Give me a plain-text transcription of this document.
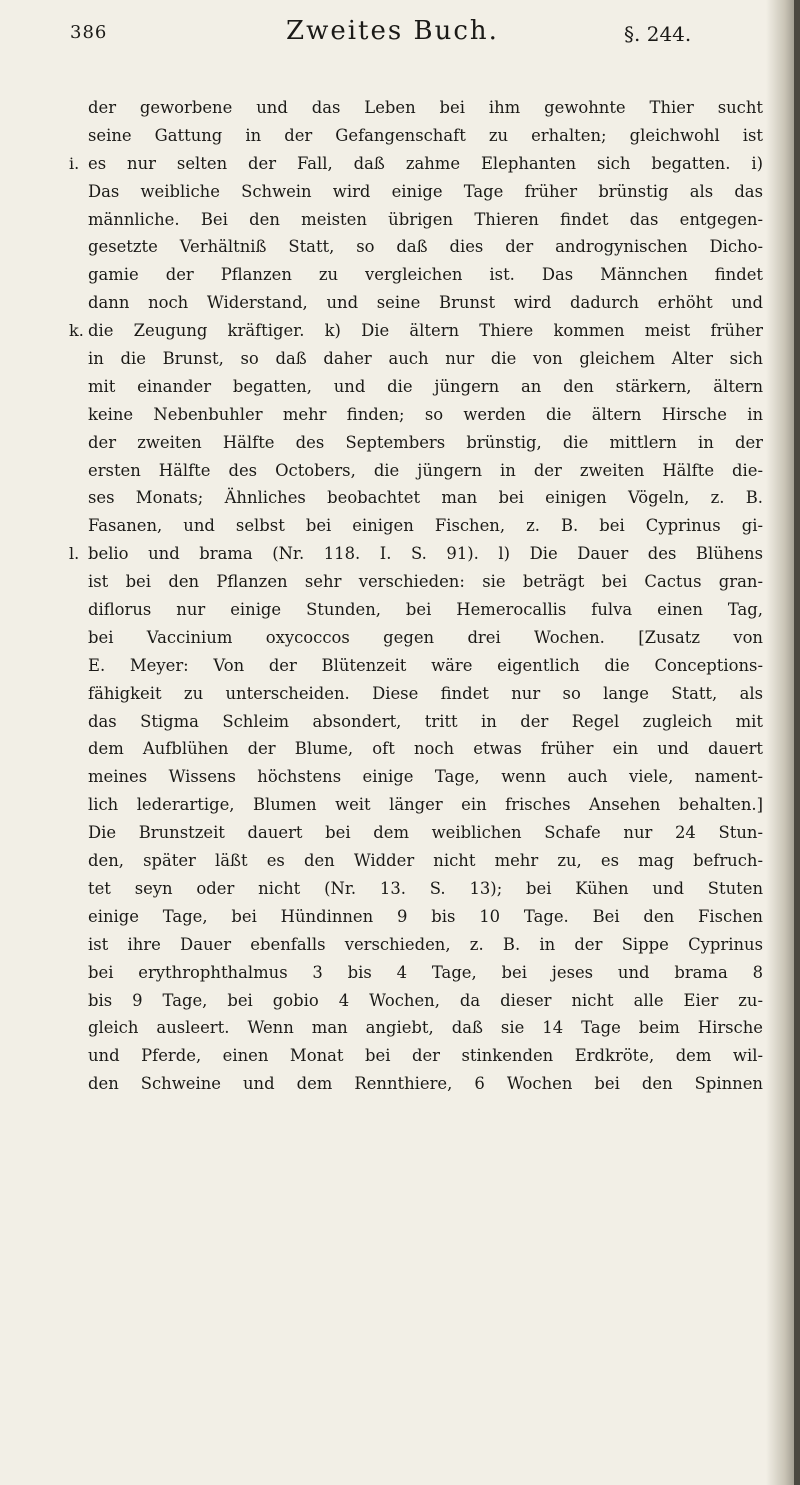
386	Zweites Buch.	§. 244.
der geworbene und das Leben bei ihm gewohnte Thier sucht
seine Gattung in der Gefangenschaft zu erhalten; gleichwohl ist
i. es nur selten der Fall, daß zahme Elephanten sich begatten. i)
Das weibliche Schwein wird einige Tage früher brünstig als das
männliche. Bei den meisten übrigen Thieren findet das entgegen-
gesetzte Verhältniß Statt, so daß dies der androgynischen Dicho-
gamie der Pflanzen zu vergleichen ist. Das Männchen findet
dann noch Widerstand, und seine Brunst wird dadurch erhöht und
k. die Zeugung kräftiger. k) Die ältern Thiere kommen meist früher
in die Brunst, so daß daher auch nur die von gleichem Alter sich
mit einander begatten, und die jüngern an den stärkern, ältern
keine Nebenbuhler mehr finden; so werden die ältern Hirsche in
der zweiten Hälfte des Septembers brünstig, die mittlern in der
ersten Hälfte des Octobers, die jüngern in der zweiten Hälfte die-
ses Monats; Ähnliches beobachtet man bei einigen Vögeln, z. B.
Fasanen, und selbst bei einigen Fischen, z. B. bei Cyprinus gi-
l. belio und brama (Nr. 118. I. S. 91). l) Die Dauer des Blühens
ist bei den Pflanzen sehr verschieden: sie beträgt bei Cactus gran-
diflorus nur einige Stunden, bei Hemerocallis fulva einen Tag,
bei Vaccinium oxycoccos gegen drei Wochen. [Zusatz von
E. Meyer: Von der Blütenzeit wäre eigentlich die Conceptions-
fähigkeit zu unterscheiden. Diese findet nur so lange Statt, als
das Stigma Schleim absondert, tritt in der Regel zugleich mit
dem Aufblühen der Blume, oft noch etwas früher ein und dauert
meines Wissens höchstens einige Tage, wenn auch viele, nament-
lich lederartige, Blumen weit länger ein frisches Ansehen behalten.]
Die Brunstzeit dauert bei dem weiblichen Schafe nur 24 Stun-
den, später läßt es den Widder nicht mehr zu, es mag befruch-
tet seyn oder nicht (Nr. 13. S. 13); bei Kühen und Stuten
einige Tage, bei Hündinnen 9 bis 10 Tage. Bei den Fischen
ist ihre Dauer ebenfalls verschieden, z. B. in der Sippe Cyprinus
bei erythrophthalmus 3 bis 4 Tage, bei jeses und brama 8
bis 9 Tage, bei gobio 4 Wochen, da dieser nicht alle Eier zu-
gleich ausleert. Wenn man angiebt, daß sie 14 Tage beim Hirsche
und Pferde, einen Monat bei der stinkenden Erdkröte, dem wil-
den Schweine und dem Rennthiere, 6 Wochen bei den Spinnen
